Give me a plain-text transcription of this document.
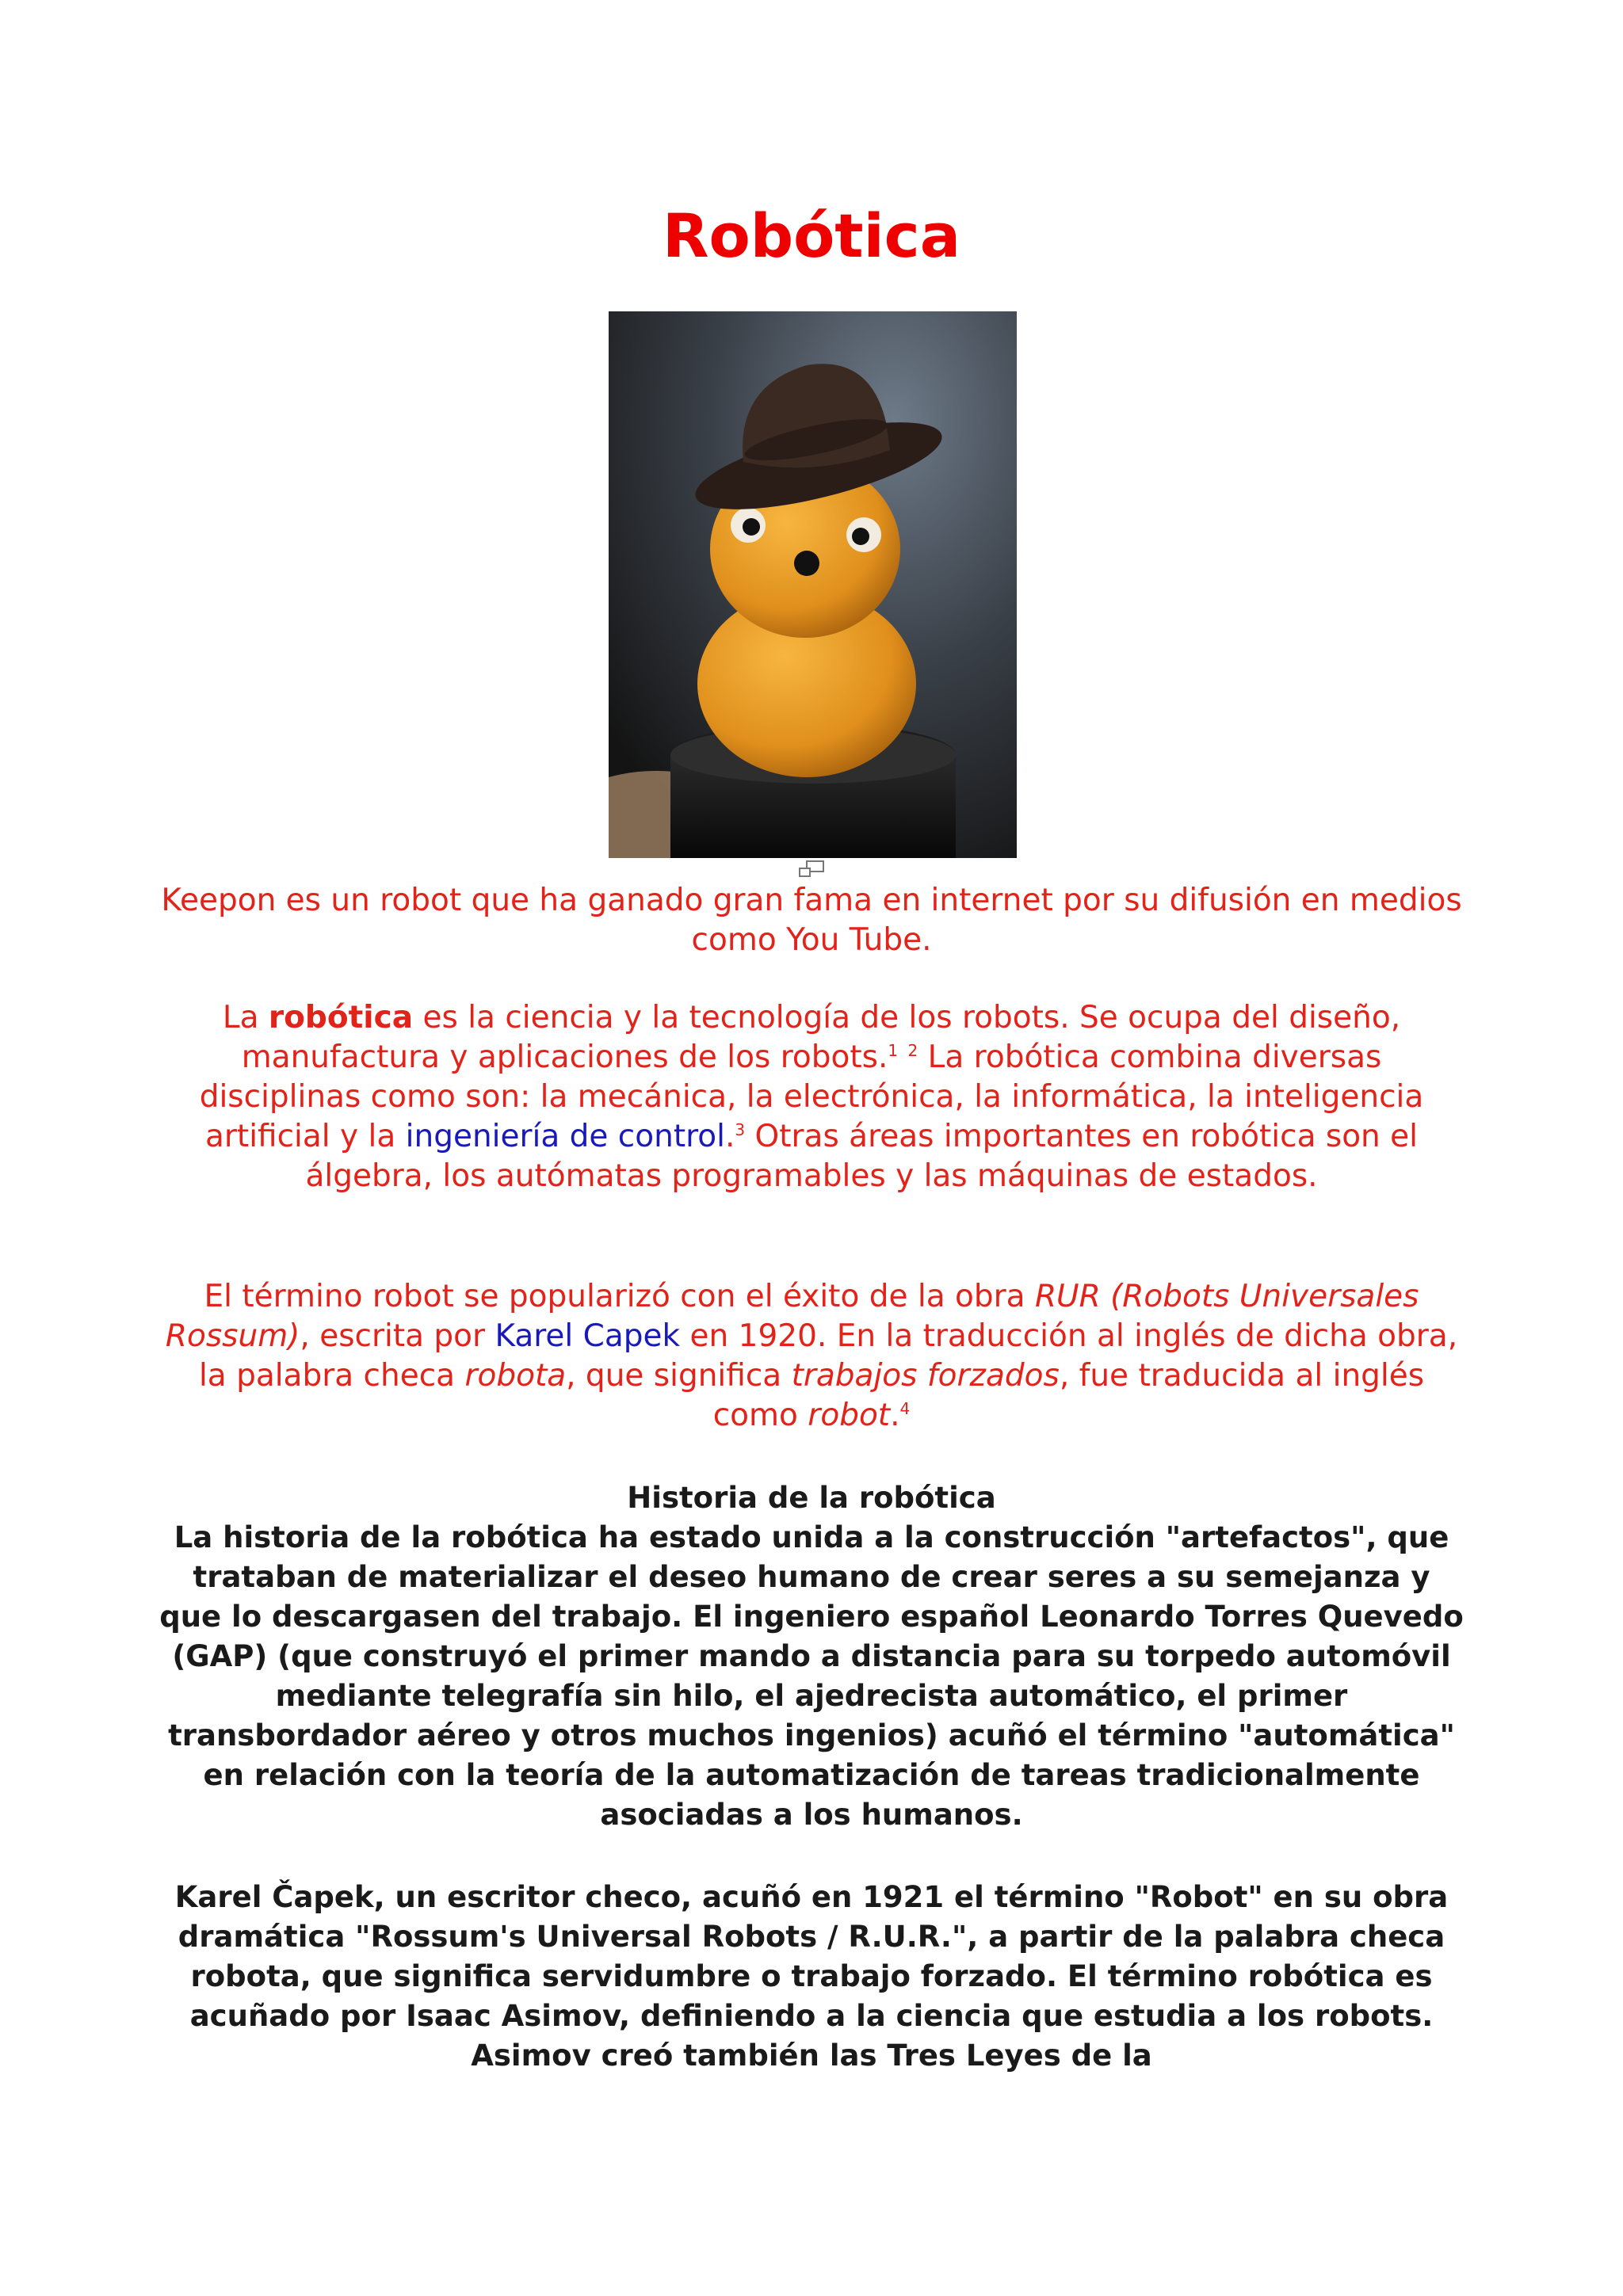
Robótica
Keepon es un robot que ha ganado gran fama en internet por su difusión en medios como You Tube.
La robótica es la ciencia y la tecnología de los robots. Se ocupa del diseño, manufactura y aplicaciones de los robots.$^1$ $^2$ La robótica combina diversas disciplinas como son: la mecánica, la electrónica, la informática, la inteligencia artificial y la ingeniería de control.$^3$ Otras áreas importantes en robótica son el álgebra, los autómatas programables y las máquinas de estados.
El término robot se popularizó con el éxito de la obra RUR (Robots Universales Rossum), escrita por Karel Capek en 1920. En la traducción al inglés de dicha obra, la palabra checa robota, que significa trabajos forzados, fue traducida al inglés como robot.$^4$
Historia de la robótica
La historia de la robótica ha estado unida a la construcción "artefactos", que trataban de materializar el deseo humano de crear seres a su semejanza y que lo descargasen del trabajo. El ingeniero español Leonardo Torres Quevedo (GAP) (que construyó el primer mando a distancia para su torpedo automóvil mediante telegrafía sin hilo, el ajedrecista automático, el primer transbordador aéreo y otros muchos ingenios) acuñó el término "automática" en relación con la teoría de la automatización de tareas tradicionalmente asociadas a los humanos.
Karel Čapek, un escritor checo, acuñó en 1921 el término "Robot" en su obra dramática "Rossum's Universal Robots / R.U.R.", a partir de la palabra checa robota, que significa servidumbre o trabajo forzado. El término robótica es acuñado por Isaac Asimov, definiendo a la ciencia que estudia a los robots. Asimov creó también las Tres Leyes de la
